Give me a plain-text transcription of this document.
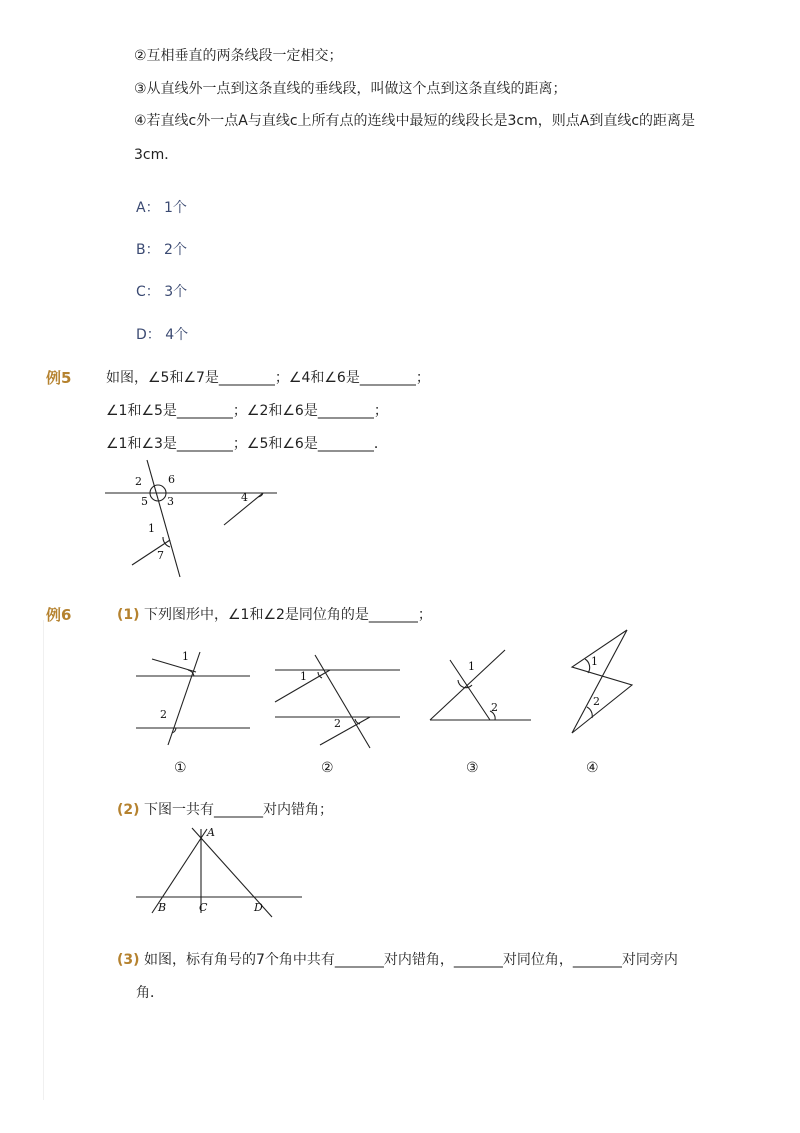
②互相垂直的两条线段一定相交；
③从直线外一点到这条直线的垂线段，叫做这个点到这条直线的距离；
④若直线c外一点A与直线c上所有点的连线中最短的线段长是3cm，则点A到直线c的距离是
3cm．
A： 1个
B： 2个
C： 3个
D： 4个
例5 如图，∠5和∠7是________；∠4和∠6是________；
∠1和∠5是________；∠2和∠6是________；
∠1和∠3是________；∠5和∠6是________．
2 6
5 3	4
1
7
例6	(1) 下列图形中，∠1和∠2是同位角的是_______；
1
2
1
2
1
2
1
2
①	②	③	④
(2) 下图一共有_______对内错角；
A
B	C	D
(3) 如图，标有角号的7个角中共有_______对内错角，_______对同位角，_______对同旁内
角．
